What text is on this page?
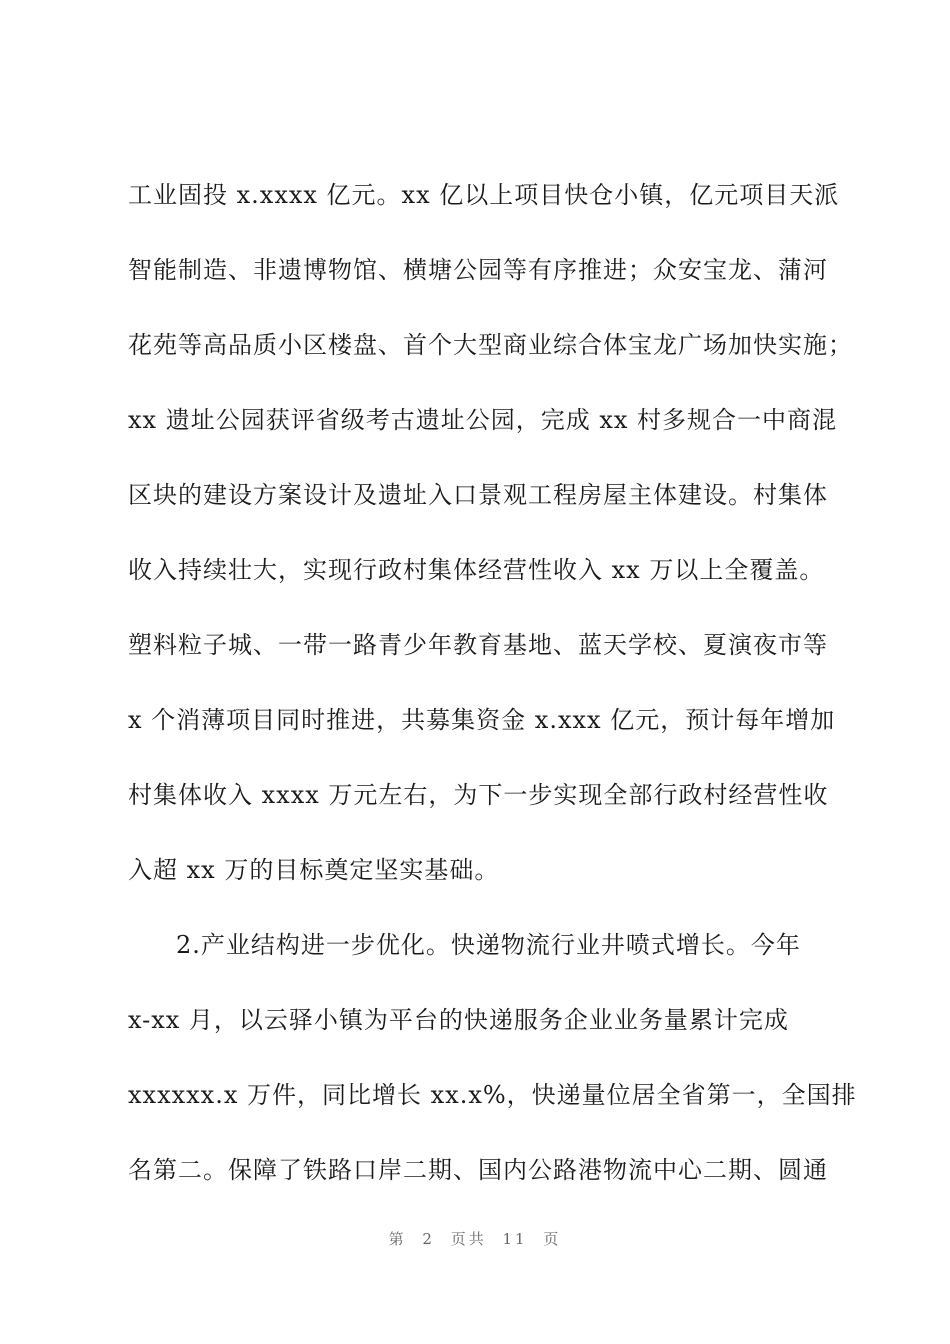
工业固投 x.xxxx 亿元。xx 亿以上项目快仓小镇，亿元项目天派
智能制造、非遗博物馆、横塘公园等有序推进；众安宝龙、蒲河
花苑等高品质小区楼盘、首个大型商业综合体宝龙广场加快实施；
xx 遗址公园获评省级考古遗址公园，完成 xx 村多规合一中商混
区块的建设方案设计及遗址入口景观工程房屋主体建设。村集体
收入持续壮大，实现行政村集体经营性收入 xx 万以上全覆盖。
塑料粒子城、一带一路青少年教育基地、蓝天学校、夏演夜市等
x 个消薄项目同时推进，共募集资金 x.xxx 亿元，预计每年增加
村集体收入 xxxx 万元左右，为下一步实现全部行政村经营性收
入超 xx 万的目标奠定坚实基础。
2.产业结构进一步优化。快递物流行业井喷式增长。今年
x-xx 月，以云驿小镇为平台的快递服务企业业务量累计完成
xxxxxx.x 万件，同比增长 xx.x%，快递量位居全省第一，全国排
名第二。保障了铁路口岸二期、国内公路港物流中心二期、圆通
第 2 页共 11 页
